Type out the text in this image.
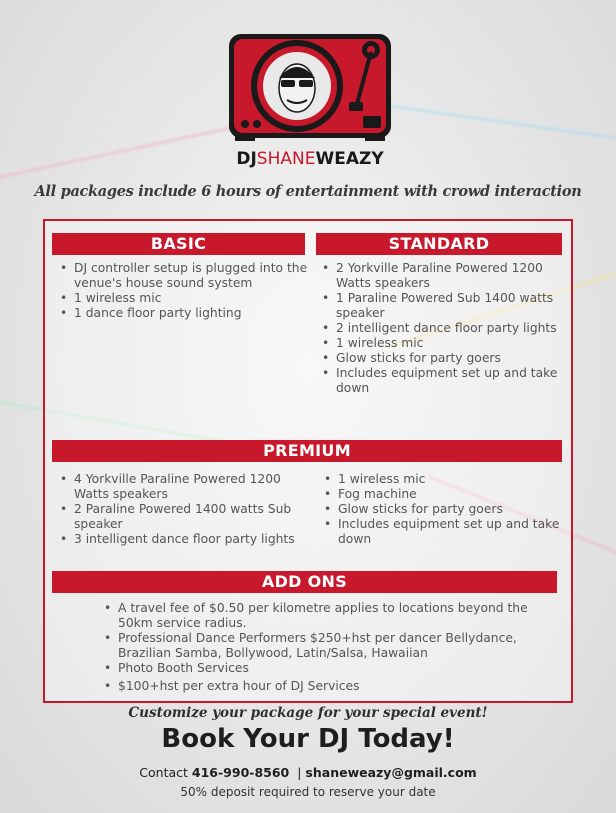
DJSHANEWEAZY
All packages include 6 hours of entertainment with crowd interaction
BASIC
• DJ controller setup is plugged into the venue's house sound system
• 1 wireless mic
• 1 dance floor party lighting
STANDARD
• 2 Yorkville Paraline Powered 1200 Watts speakers
• 1 Paraline Powered Sub 1400 watts speaker
• 2 intelligent dance floor party lights
• 1 wireless mic
• Glow sticks for party goers
• Includes equipment set up and take down
PREMIUM
• 4 Yorkville Paraline Powered 1200 Watts speakers
• 2 Paraline Powered 1400 watts Sub speaker
• 3 intelligent dance floor party lights
• 1 wireless mic
• Fog machine
• Glow sticks for party goers
• Includes equipment set up and take down
ADD ONS
• A travel fee of $0.50 per kilometre applies to locations beyond the 50km service radius.
• Professional Dance Performers $250+hst per dancer Bellydance, Brazilian Samba, Bollywood, Latin/Salsa, Hawaiian
• Photo Booth Services
• $100+hst per extra hour of DJ Services
Customize your package for your special event!
Book Your DJ Today!
Contact 416-990-8560 | shaneweazy@gmail.com
50% deposit required to reserve your date
